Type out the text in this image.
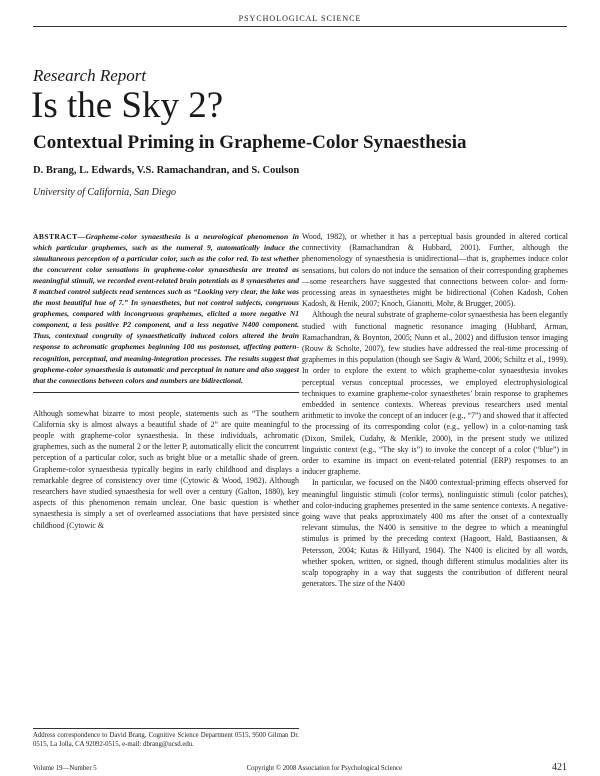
PSYCHOLOGICAL SCIENCE
Research Report
Is the Sky 2?
Contextual Priming in Grapheme-Color Synaesthesia
D. Brang, L. Edwards, V.S. Ramachandran, and S. Coulson
University of California, San Diego

ABSTRACT—Grapheme-color synaesthesia is a neurological phenomenon in which particular graphemes, such as the numeral 9, automatically induce the simultaneous perception of a particular color, such as the color red. To test whether the concurrent color sensations in grapheme-color synaesthesia are treated as meaningful stimuli, we recorded event-related brain potentials as 8 synaesthetes and 8 matched control subjects read sentences such as “Looking very clear, the lake was the most beautiful hue of 7.” In synaesthetes, but not control subjects, congruous graphemes, compared with incongruous graphemes, elicited a more negative N1 component, a less positive P2 component, and a less negative N400 component. Thus, contextual congruity of synaesthetically induced colors altered the brain response to achromatic graphemes beginning 100 ms postonset, affecting pattern-recognition, perceptual, and meaning-integration processes. The results suggest that grapheme-color synaesthesia is automatic and perceptual in nature and also suggest that the connections between colors and numbers are bidirectional.

Although somewhat bizarre to most people, statements such as “The southern California sky is almost always a beautiful shade of 2” are quite meaningful to people with grapheme-color synaesthesia. In these individuals, achromatic graphemes, such as the numeral 2 or the letter P, automatically elicit the concurrent perception of a particular color, such as bright blue or a metallic shade of green. Grapheme-color synaesthesia typically begins in early childhood and displays a remarkable degree of consistency over time (Cytowic & Wood, 1982). Although researchers have studied synaesthesia for well over a century (Galton, 1880), key aspects of this phenomenon remain unclear. One basic question is whether synaesthesia is simply a set of overlearned associations that have persisted since childhood (Cytowic &

Wood, 1982), or whether it has a perceptual basis grounded in altered cortical connectivity (Ramachandran & Hubbard, 2001). Further, although the phenomenology of synaesthesia is unidirectional—that is, graphemes induce color sensations, but colors do not induce the sensation of their corresponding graphemes—some researchers have suggested that connections between color- and form-processing areas in synaesthetes might be bidirectional (Cohen Kadosh, Cohen Kadosh, & Henik, 2007; Knoch, Gianotti, Mohr, & Brugger, 2005).

Although the neural substrate of grapheme-color synaesthesia has been elegantly studied with functional magnetic resonance imaging (Hubbard, Arman, Ramachandran, & Boynton, 2005; Nunn et al., 2002) and diffusion tensor imaging (Rouw & Scholte, 2007), few studies have addressed the real-time processing of graphemes in this population (though see Sagiv & Ward, 2006; Schiltz et al., 1999). In order to explore the extent to which grapheme-color synaesthesia invokes perceptual versus conceptual processes, we employed electrophysiological techniques to examine grapheme-color synaesthetes’ brain response to graphemes embedded in sentence contexts. Whereas previous researchers used mental arithmetic to invoke the concept of an inducer (e.g., “7”) and showed that it affected the processing of its corresponding color (e.g., yellow) in a color-naming task (Dixon, Smilek, Cudahy, & Merikle, 2000), in the present study we utilized linguistic context (e.g., “The sky is”) to invoke the concept of a color (“blue”) in order to examine its impact on event-related potential (ERP) responses to an inducer grapheme.

In particular, we focused on the N400 contextual-priming effects observed for meaningful linguistic stimuli (color terms), nonlinguistic stimuli (color patches), and color-inducing graphemes presented in the same sentence contexts. A negative-going wave that peaks approximately 400 ms after the onset of a contextually relevant stimulus, the N400 is sensitive to the degree to which a meaningful stimulus is primed by the preceding context (Hagoort, Hald, Bastiaansen, & Petersson, 2004; Kutas & Hillyard, 1984). The N400 is elicited by all words, whether spoken, written, or signed, though different stimulus modalities alter its scalp topography in a way that suggests the contribution of different neural generators. The size of the N400

Address correspondence to David Brang, Cognitive Science Department 0515, 9500 Gilman Dr. 0515, La Jolla, CA 92092-0515, e-mail: dbrang@ucsd.edu.

Volume 19—Number 5	Copyright © 2008 Association for Psychological Science	421
